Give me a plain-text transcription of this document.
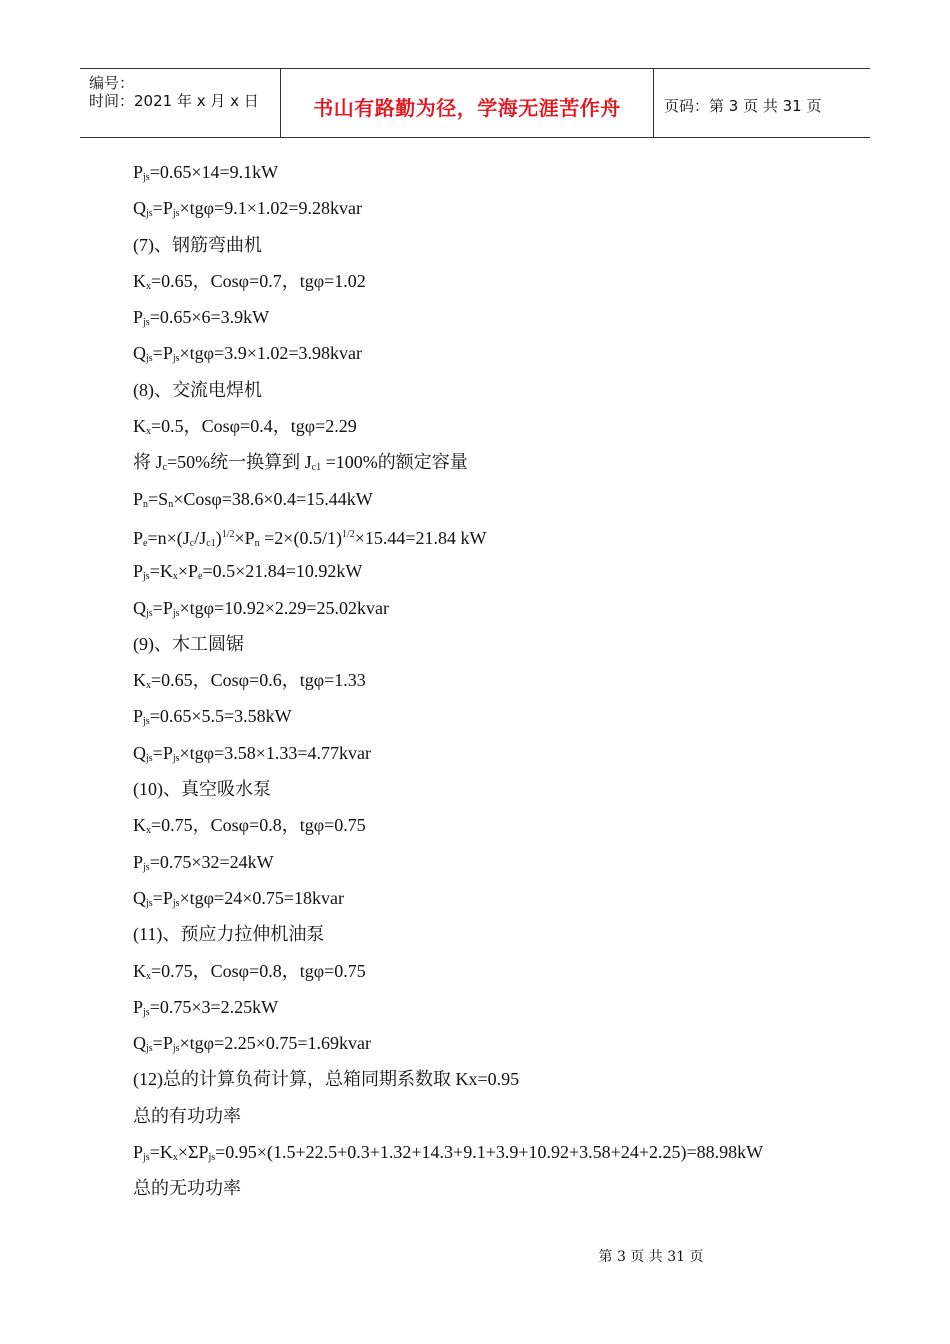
编号：
时间：2021 年 x 月 x 日	书山有路勤为径，学海无涯苦作舟	页码：第 3 页 共 31 页
$P_{js}=0.65\times 14=9.1kW$
$Q_{js}=P_{js}\times tg\varphi=9.1\times 1.02=9.28kvar$
(7)、钢筋弯曲机
$K_x=0.65$，Cosφ=0.7，tgφ=1.02
$P_{js}=0.65\times 6=3.9kW$
$Q_{js}=P_{js}\times tg\varphi=3.9\times 1.02=3.98kvar$
(8)、交流电焊机
$K_x=0.5$，Cosφ=0.4，tgφ=2.29
将 $J_c=50\%$统一换算到 $J_{c1} =100\%$的额定容量
$P_n=S_n\times Cos\varphi=38.6\times 0.4=15.44kW$
$P_e=n\times(J_c/J_{c1})^{1/2}\times P_n =2\times(0.5/1)^{1/2}\times 15.44=21.84$ kW
$P_{js}=K_x\times P_e=0.5\times 21.84=10.92kW$
$Q_{js}=P_{js}\times tg\varphi=10.92\times 2.29=25.02kvar$
(9)、木工圆锯
$K_x=0.65$，Cosφ=0.6，tgφ=1.33
$P_{js}=0.65\times 5.5=3.58kW$
$Q_{js}=P_{js}\times tg\varphi=3.58\times 1.33=4.77kvar$
(10)、真空吸水泵
$K_x=0.75$，Cosφ=0.8，tgφ=0.75
$P_{js}=0.75\times 32=24kW$
$Q_{js}=P_{js}\times tg\varphi=24\times 0.75=18kvar$
(11)、预应力拉伸机油泵
$K_x=0.75$，Cosφ=0.8，tgφ=0.75
$P_{js}=0.75\times 3=2.25kW$
$Q_{js}=P_{js}\times tg\varphi=2.25\times 0.75=1.69kvar$
(12)总的计算负荷计算，总箱同期系数取 Kx=0.95
总的有功功率
$P_{js}=K_x\times\Sigma P_{js}=0.95\times(1.5+22.5+0.3+1.32+14.3+9.1+3.9+10.92+3.58+24+2.25)=88.98kW$
总的无功功率
第 3 页 共 31 页
